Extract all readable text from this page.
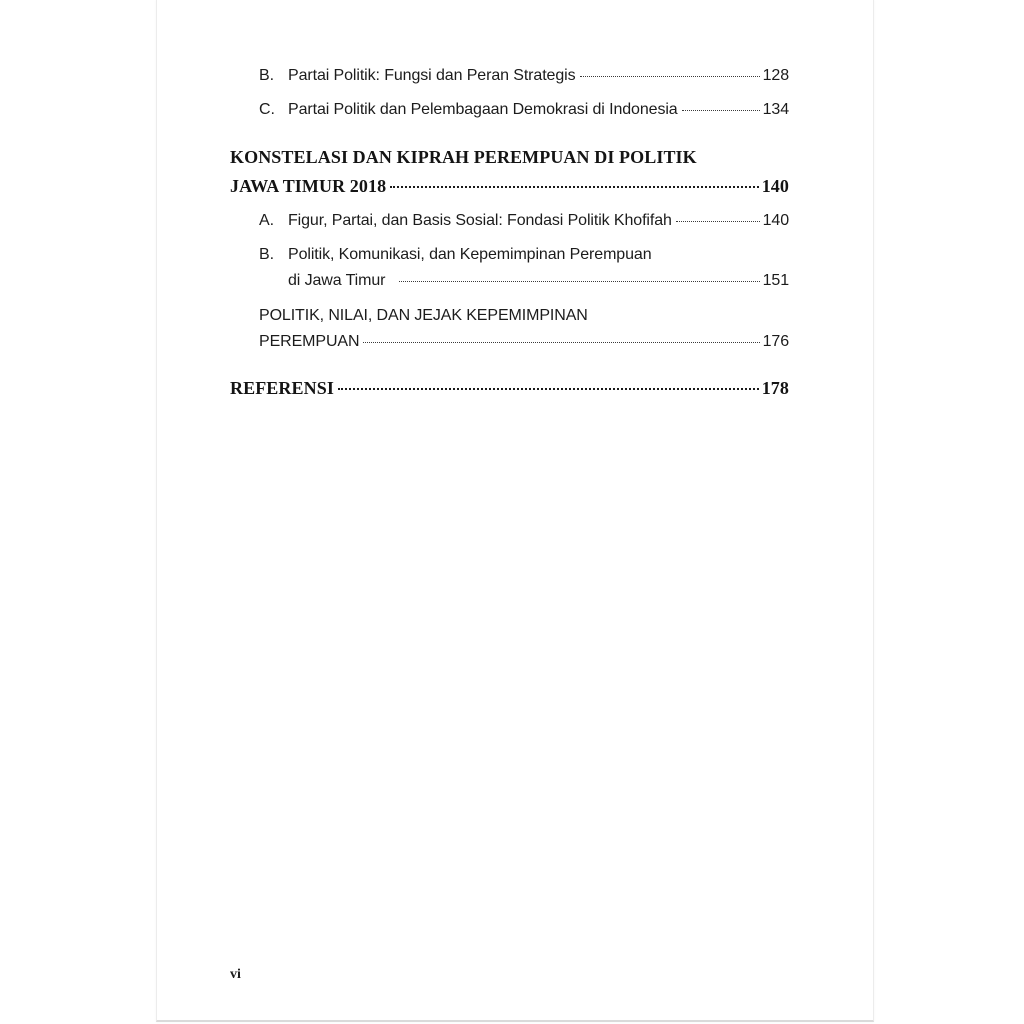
B. Partai Politik: Fungsi dan Peran Strategis	128
C. Partai Politik dan Pelembagaan Demokrasi di Indonesia	134
KONSTELASI DAN KIPRAH PEREMPUAN DI POLITIK
JAWA TIMUR 2018	140
A. Figur, Partai, dan Basis Sosial: Fondasi Politik Khofifah	140
B. Politik, Komunikasi, dan Kepemimpinan Perempuan
di Jawa Timur	151
POLITIK, NILAI, DAN JEJAK KEPEMIMPINAN
PEREMPUAN	176
REFERENSI	178
vi
